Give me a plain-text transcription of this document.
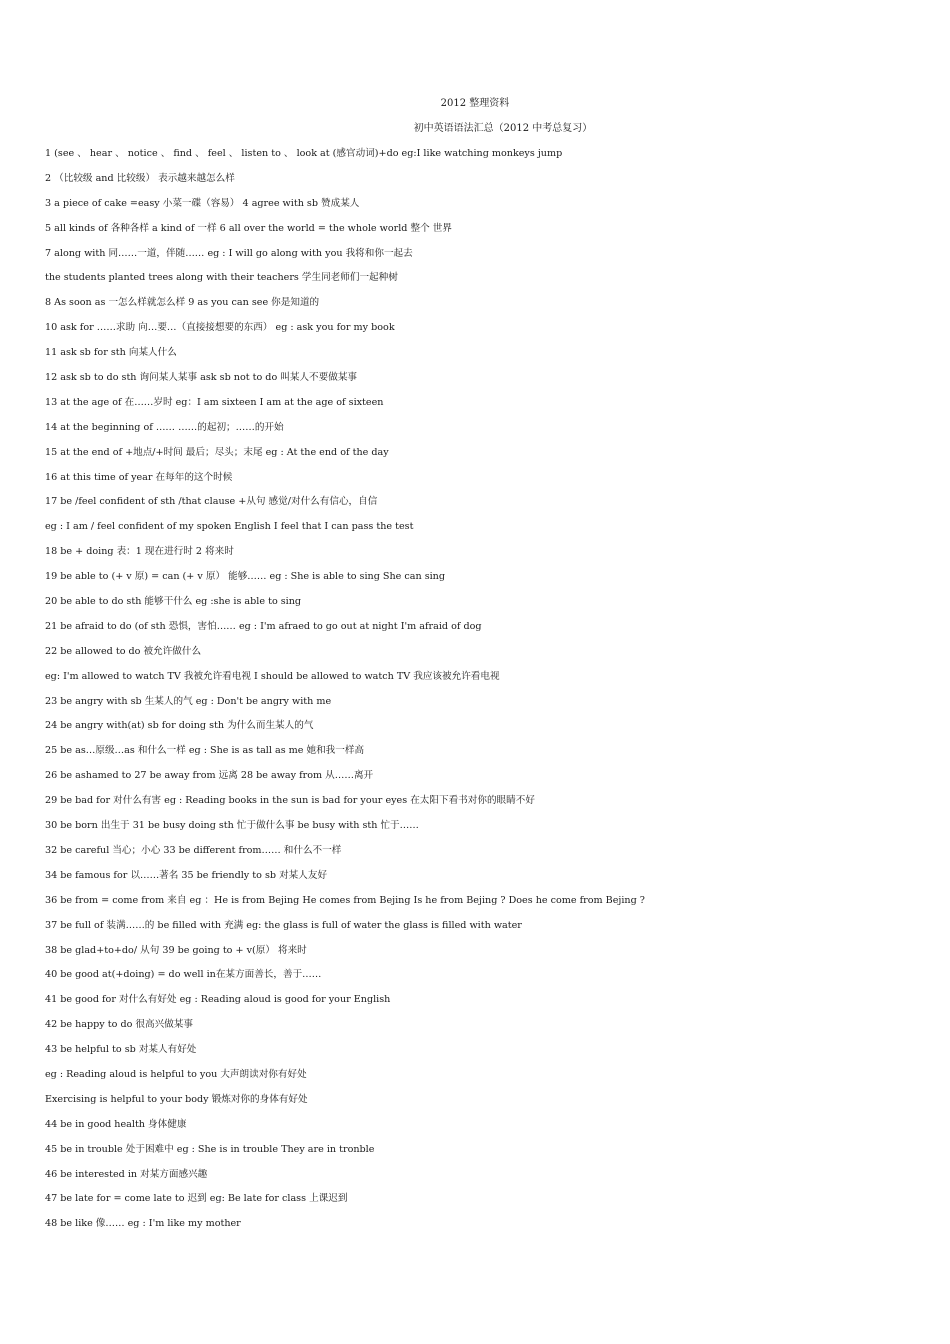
2012 整理资料
初中英语语法汇总（2012 中考总复习）
1 (see 、 hear 、 notice 、 find 、 feel 、 listen to 、 look at (感官动词)+do eg:I like watching monkeys jump
2 （比较级 and 比较级） 表示越来越怎么样
3 a piece of cake =easy 小菜一碟（容易） 4 agree with sb 赞成某人
5 all kinds of 各种各样 a kind of 一样 6 all over the world = the whole world 整个 世界
7 along with 同……一道，伴随…… eg : I will go along with you 我将和你一起去
the students planted trees along with their teachers 学生同老师们一起种树
8 As soon as 一怎么样就怎么样 9 as you can see 你是知道的
10 ask for ……求助 向…要…（直接接想要的东西） eg : ask you for my book
11 ask sb for sth 向某人什么
12 ask sb to do sth 询问某人某事 ask sb not to do 叫某人不要做某事
13 at the age of 在……岁时 eg：I am sixteen I am at the age of sixteen
14 at the beginning of …… ……的起初；……的开始
15 at the end of +地点/+时间 最后；尽头；末尾 eg : At the end of the day
16 at this time of year 在每年的这个时候
17 be /feel confident of sth /that clause +从句 感觉/对什么有信心，自信
eg : I am / feel confident of my spoken English I feel that I can pass the test
18 be + doing 表：1 现在进行时 2 将来时
19 be able to (+ v 原) = can (+ v 原） 能够…… eg : She is able to sing She can sing
20 be able to do sth 能够干什么 eg :she is able to sing
21 be afraid to do (of sth 恐惧，害怕…… eg : I'm afraed to go out at night I'm afraid of dog
22 be allowed to do 被允许做什么
eg: I'm allowed to watch TV 我被允许看电视 I should be allowed to watch TV 我应该被允许看电视
23 be angry with sb 生某人的气 eg : Don't be angry with me
24 be angry with(at) sb for doing sth 为什么而生某人的气
25 be as…原级…as 和什么一样 eg : She is as tall as me 她和我一样高
26 be ashamed to 27 be away from 远离 28 be away from 从……离开
29 be bad for 对什么有害 eg : Reading books in the sun is bad for your eyes 在太阳下看书对你的眼睛不好
30 be born 出生于 31 be busy doing sth 忙于做什么事 be busy with sth 忙于……
32 be careful 当心；小心 33 be different from…… 和什么不一样
34 be famous for 以……著名 35 be friendly to sb 对某人友好
36 be from = come from 来自 eg ：He is from Bejing He comes from Bejing Is he from Bejing ? Does he come from Bejing ?
37 be full of 装满……的 be filled with 充满 eg: the glass is full of water the glass is filled with water
38 be glad+to+do/ 从句 39 be going to + v(原） 将来时
40 be good at(+doing) = do well in在某方面善长，善于……
41 be good for 对什么有好处 eg : Reading aloud is good for your English
42 be happy to do 很高兴做某事
43 be helpful to sb 对某人有好处
eg : Reading aloud is helpful to you 大声朗读对你有好处
Exercising is helpful to your body 锻炼对你的身体有好处
44 be in good health 身体健康
45 be in trouble 处于困难中 eg : She is in trouble They are in tronble
46 be interested in 对某方面感兴趣
47 be late for = come late to 迟到 eg: Be late for class 上课迟到
48 be like 像…… eg : I'm like my mother
